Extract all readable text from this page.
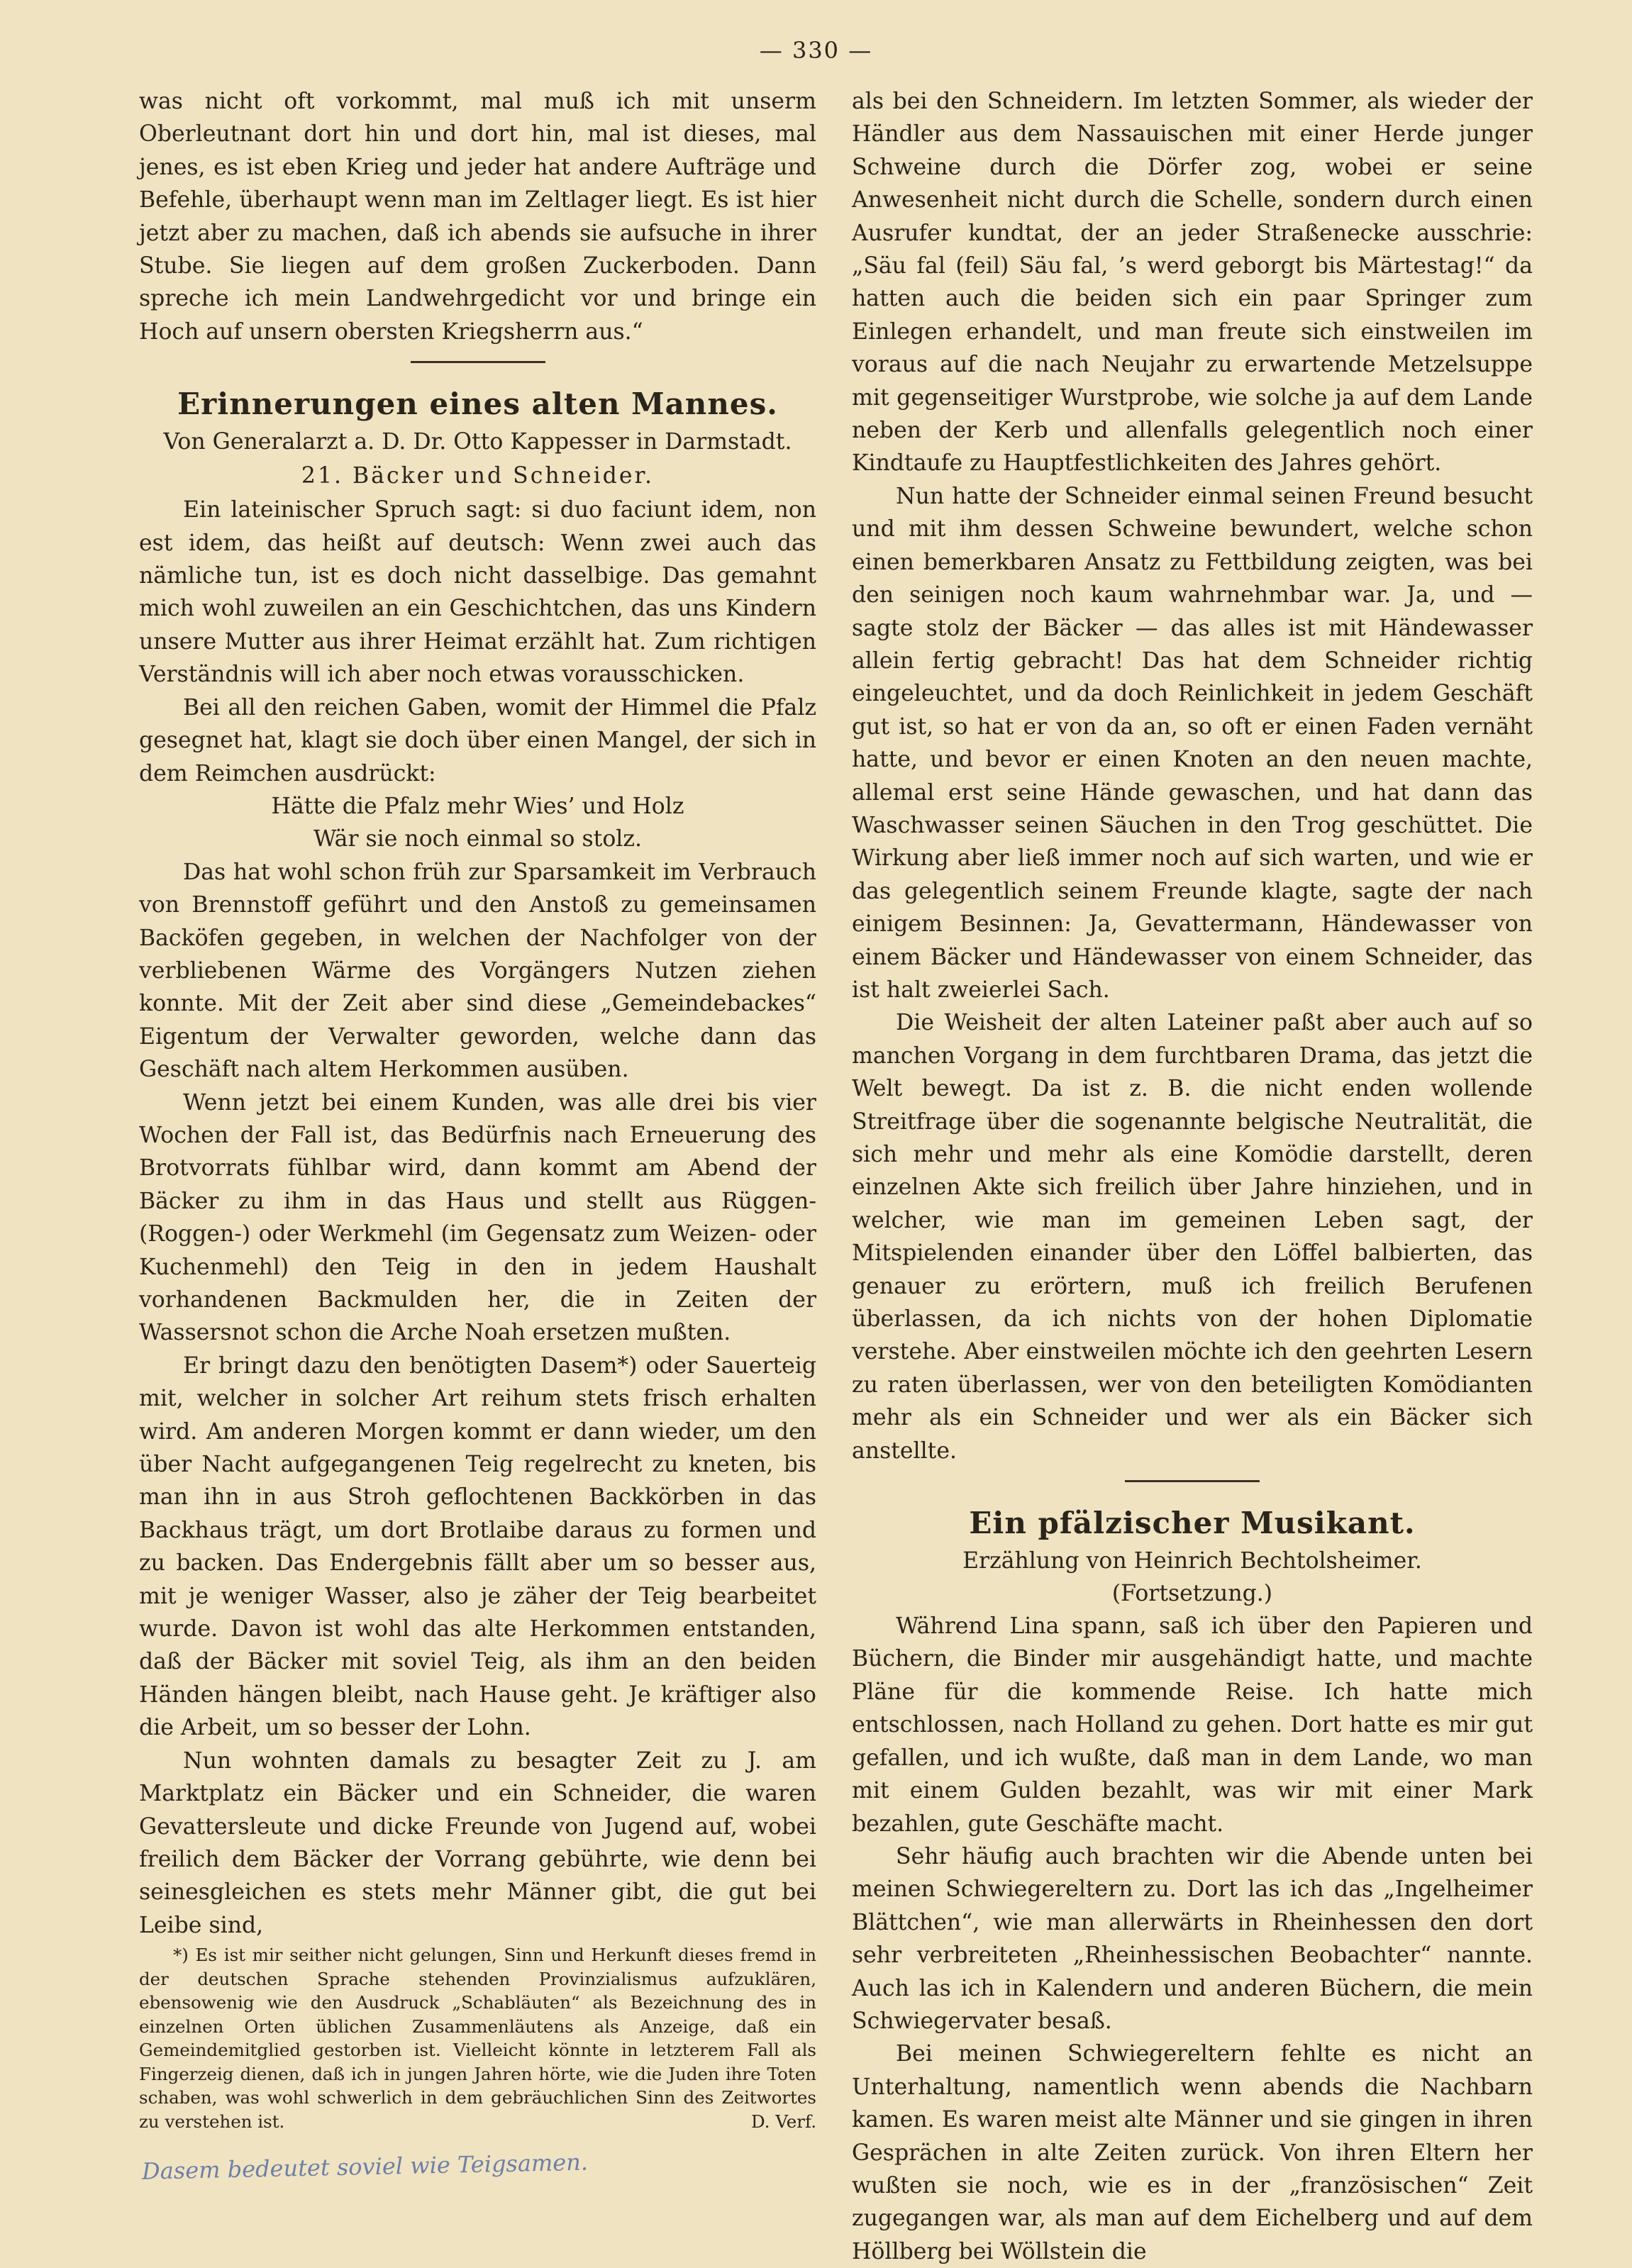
— 330 —

was nicht oft vorkommt, mal muß ich mit unserm Oberleutnant dort hin und dort hin, mal ist dieses, mal jenes, es ist eben Krieg und jeder hat andere Aufträge und Befehle, überhaupt wenn man im Zeltlager liegt. Es ist hier jetzt aber zu machen, daß ich abends sie aufsuche in ihrer Stube. Sie liegen auf dem großen Zuckerboden. Dann spreche ich mein Landwehrgedicht vor und bringe ein Hoch auf unsern obersten Kriegsherrn aus.“

Erinnerungen eines alten Mannes.
Von Generalarzt a. D. Dr. Otto Kappesser in Darmstadt.
21. Bäcker und Schneider.

Ein lateinischer Spruch sagt: si duo faciunt idem, non est idem, das heißt auf deutsch: Wenn zwei auch das nämliche tun, ist es doch nicht dasselbige. Das gemahnt mich wohl zuweilen an ein Geschichtchen, das uns Kindern unsere Mutter aus ihrer Heimat erzählt hat. Zum richtigen Verständnis will ich aber noch etwas vorausschicken.

Bei all den reichen Gaben, womit der Himmel die Pfalz gesegnet hat, klagt sie doch über einen Mangel, der sich in dem Reimchen ausdrückt:

Hätte die Pfalz mehr Wies’ und Holz
Wär sie noch einmal so stolz.

Das hat wohl schon früh zur Sparsamkeit im Verbrauch von Brennstoff geführt und den Anstoß zu gemeinsamen Backöfen gegeben, in welchen der Nachfolger von der verbliebenen Wärme des Vorgängers Nutzen ziehen konnte. Mit der Zeit aber sind diese „Gemeindebackes“ Eigentum der Verwalter geworden, welche dann das Geschäft nach altem Herkommen ausüben.

Wenn jetzt bei einem Kunden, was alle drei bis vier Wochen der Fall ist, das Bedürfnis nach Erneuerung des Brotvorrats fühlbar wird, dann kommt am Abend der Bäcker zu ihm in das Haus und stellt aus Rüggen- (Roggen-) oder Werkmehl (im Gegensatz zum Weizen- oder Kuchenmehl) den Teig in den in jedem Haushalt vorhandenen Backmulden her, die in Zeiten der Wassersnot schon die Arche Noah ersetzen mußten.

Er bringt dazu den benötigten Dasem*) oder Sauerteig mit, welcher in solcher Art reihum stets frisch erhalten wird. Am anderen Morgen kommt er dann wieder, um den über Nacht aufgegangenen Teig regelrecht zu kneten, bis man ihn in aus Stroh geflochtenen Backkörben in das Backhaus trägt, um dort Brotlaibe daraus zu formen und zu backen. Das Endergebnis fällt aber um so besser aus, mit je weniger Wasser, also je zäher der Teig bearbeitet wurde. Davon ist wohl das alte Herkommen entstanden, daß der Bäcker mit soviel Teig, als ihm an den beiden Händen hängen bleibt, nach Hause geht. Je kräftiger also die Arbeit, um so besser der Lohn.

Nun wohnten damals zu besagter Zeit zu J. am Marktplatz ein Bäcker und ein Schneider, die waren Gevattersleute und dicke Freunde von Jugend auf, wobei freilich dem Bäcker der Vorrang gebührte, wie denn bei seinesgleichen es stets mehr Männer gibt, die gut bei Leibe sind,

*) Es ist mir seither nicht gelungen, Sinn und Herkunft dieses fremd in der deutschen Sprache stehenden Provinzialismus aufzuklären, ebensowenig wie den Ausdruck „Schabläuten“ als Bezeichnung des in einzelnen Orten üblichen Zusammenläutens als Anzeige, daß ein Gemeindemitglied gestorben ist. Vielleicht könnte in letzterem Fall als Fingerzeig dienen, daß ich in jungen Jahren hörte, wie die Juden ihre Toten schaben, was wohl schwerlich in dem gebräuchlichen Sinn des Zeitwortes zu verstehen ist.	D. Verf.
Dasem bedeutet soviel wie Teigsamen.

als bei den Schneidern. Im letzten Sommer, als wieder der Händler aus dem Nassauischen mit einer Herde junger Schweine durch die Dörfer zog, wobei er seine Anwesenheit nicht durch die Schelle, sondern durch einen Ausrufer kundtat, der an jeder Straßenecke ausschrie: „Säu fal (feil) Säu fal, ’s werd geborgt bis Märtestag!“ da hatten auch die beiden sich ein paar Springer zum Einlegen erhandelt, und man freute sich einstweilen im voraus auf die nach Neujahr zu erwartende Metzelsuppe mit gegenseitiger Wurstprobe, wie solche ja auf dem Lande neben der Kerb und allenfalls gelegentlich noch einer Kindtaufe zu Hauptfestlichkeiten des Jahres gehört.

Nun hatte der Schneider einmal seinen Freund besucht und mit ihm dessen Schweine bewundert, welche schon einen bemerkbaren Ansatz zu Fettbildung zeigten, was bei den seinigen noch kaum wahrnehmbar war. Ja, und — sagte stolz der Bäcker — das alles ist mit Händewasser allein fertig gebracht! Das hat dem Schneider richtig eingeleuchtet, und da doch Reinlichkeit in jedem Geschäft gut ist, so hat er von da an, so oft er einen Faden vernäht hatte, und bevor er einen Knoten an den neuen machte, allemal erst seine Hände gewaschen, und hat dann das Waschwasser seinen Säuchen in den Trog geschüttet. Die Wirkung aber ließ immer noch auf sich warten, und wie er das gelegentlich seinem Freunde klagte, sagte der nach einigem Besinnen: Ja, Gevattermann, Händewasser von einem Bäcker und Händewasser von einem Schneider, das ist halt zweierlei Sach.

Die Weisheit der alten Lateiner paßt aber auch auf so manchen Vorgang in dem furchtbaren Drama, das jetzt die Welt bewegt. Da ist z. B. die nicht enden wollende Streitfrage über die sogenannte belgische Neutralität, die sich mehr und mehr als eine Komödie darstellt, deren einzelnen Akte sich freilich über Jahre hinziehen, und in welcher, wie man im gemeinen Leben sagt, der Mitspielenden einander über den Löffel balbierten, das genauer zu erörtern, muß ich freilich Berufenen überlassen, da ich nichts von der hohen Diplomatie verstehe. Aber einstweilen möchte ich den geehrten Lesern zu raten überlassen, wer von den beteiligten Komödianten mehr als ein Schneider und wer als ein Bäcker sich anstellte.

Ein pfälzischer Musikant.
Erzählung von Heinrich Bechtolsheimer.
(Fortsetzung.)

Während Lina spann, saß ich über den Papieren und Büchern, die Binder mir ausgehändigt hatte, und machte Pläne für die kommende Reise. Ich hatte mich entschlossen, nach Holland zu gehen. Dort hatte es mir gut gefallen, und ich wußte, daß man in dem Lande, wo man mit einem Gulden bezahlt, was wir mit einer Mark bezahlen, gute Geschäfte macht.

Sehr häufig auch brachten wir die Abende unten bei meinen Schwiegereltern zu. Dort las ich das „Ingelheimer Blättchen“, wie man allerwärts in Rheinhessen den dort sehr verbreiteten „Rheinhessischen Beobachter“ nannte. Auch las ich in Kalendern und anderen Büchern, die mein Schwiegervater besaß.

Bei meinen Schwiegereltern fehlte es nicht an Unterhaltung, namentlich wenn abends die Nachbarn kamen. Es waren meist alte Männer und sie gingen in ihren Gesprächen in alte Zeiten zurück. Von ihren Eltern her wußten sie noch, wie es in der „französischen“ Zeit zugegangen war, als man auf dem Eichelberg und auf dem Höllberg bei Wöllstein die
